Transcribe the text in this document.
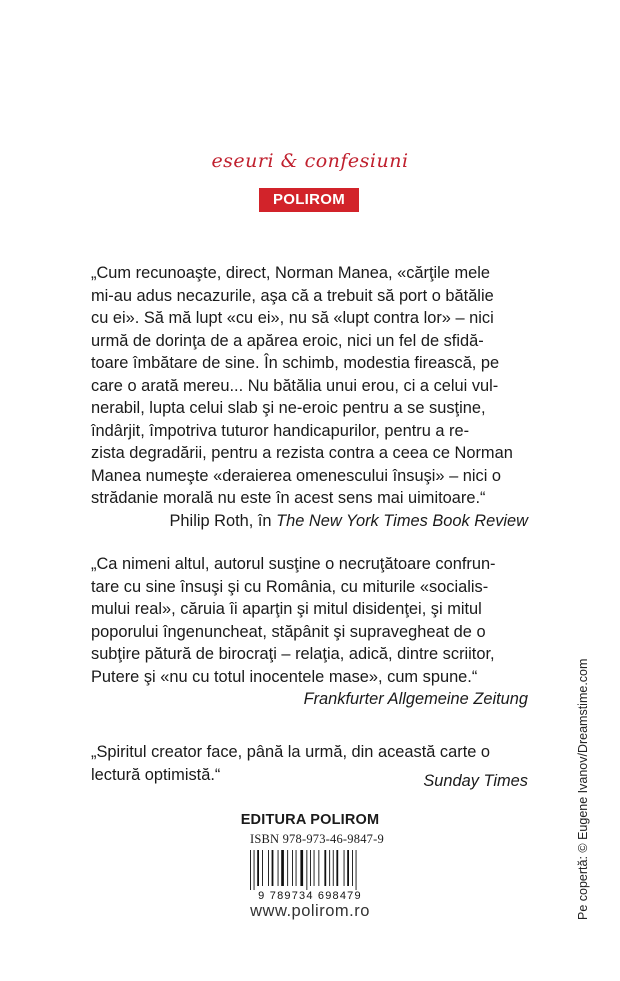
eseuri & confesiuni
POLIROM

„Cum recunoaşte, direct, Norman Manea, «cărţile mele
mi-au adus necazurile, aşa că a trebuit să port o bătălie
cu ei». Să mă lupt «cu ei», nu să «lupt contra lor» – nici
urmă de dorinţa de a apărea eroic, nici un fel de sfidă-
toare îmbătare de sine. În schimb, modestia firească, pe
care o arată mereu... Nu bătălia unui erou, ci a celui vul-
nerabil, lupta celui slab şi ne-eroic pentru a se susţine,
îndârjit, împotriva tuturor handicapurilor, pentru a re-
zista degradării, pentru a rezista contra a ceea ce Norman
Manea numeşte «deraierea omenescului însuşi» – nici o
strădanie morală nu este în acest sens mai uimitoare.“

Philip Roth, în The New York Times Book Review

„Ca nimeni altul, autorul susţine o necruţătoare confrun-
tare cu sine însuşi şi cu România, cu miturile «socialis-
mului real», căruia îi aparţin şi mitul disidenţei, şi mitul
poporului îngenuncheat, stăpânit şi supravegheat de o
subţire pătură de birocraţi – relaţia, adică, dintre scriitor,
Putere şi «nu cu totul inocentele mase», cum spune.“

Frankfurter Allgemeine Zeitung

„Spiritul creator face, până la urmă, din această carte o
lectură optimistă.“	Sunday Times
EDITURA POLIROM
ISBN 978-973-46-9847-9
9 789734 698479
www.polirom.ro	Pe copertă: © Eugene Ivanov/Dreamstime.com
